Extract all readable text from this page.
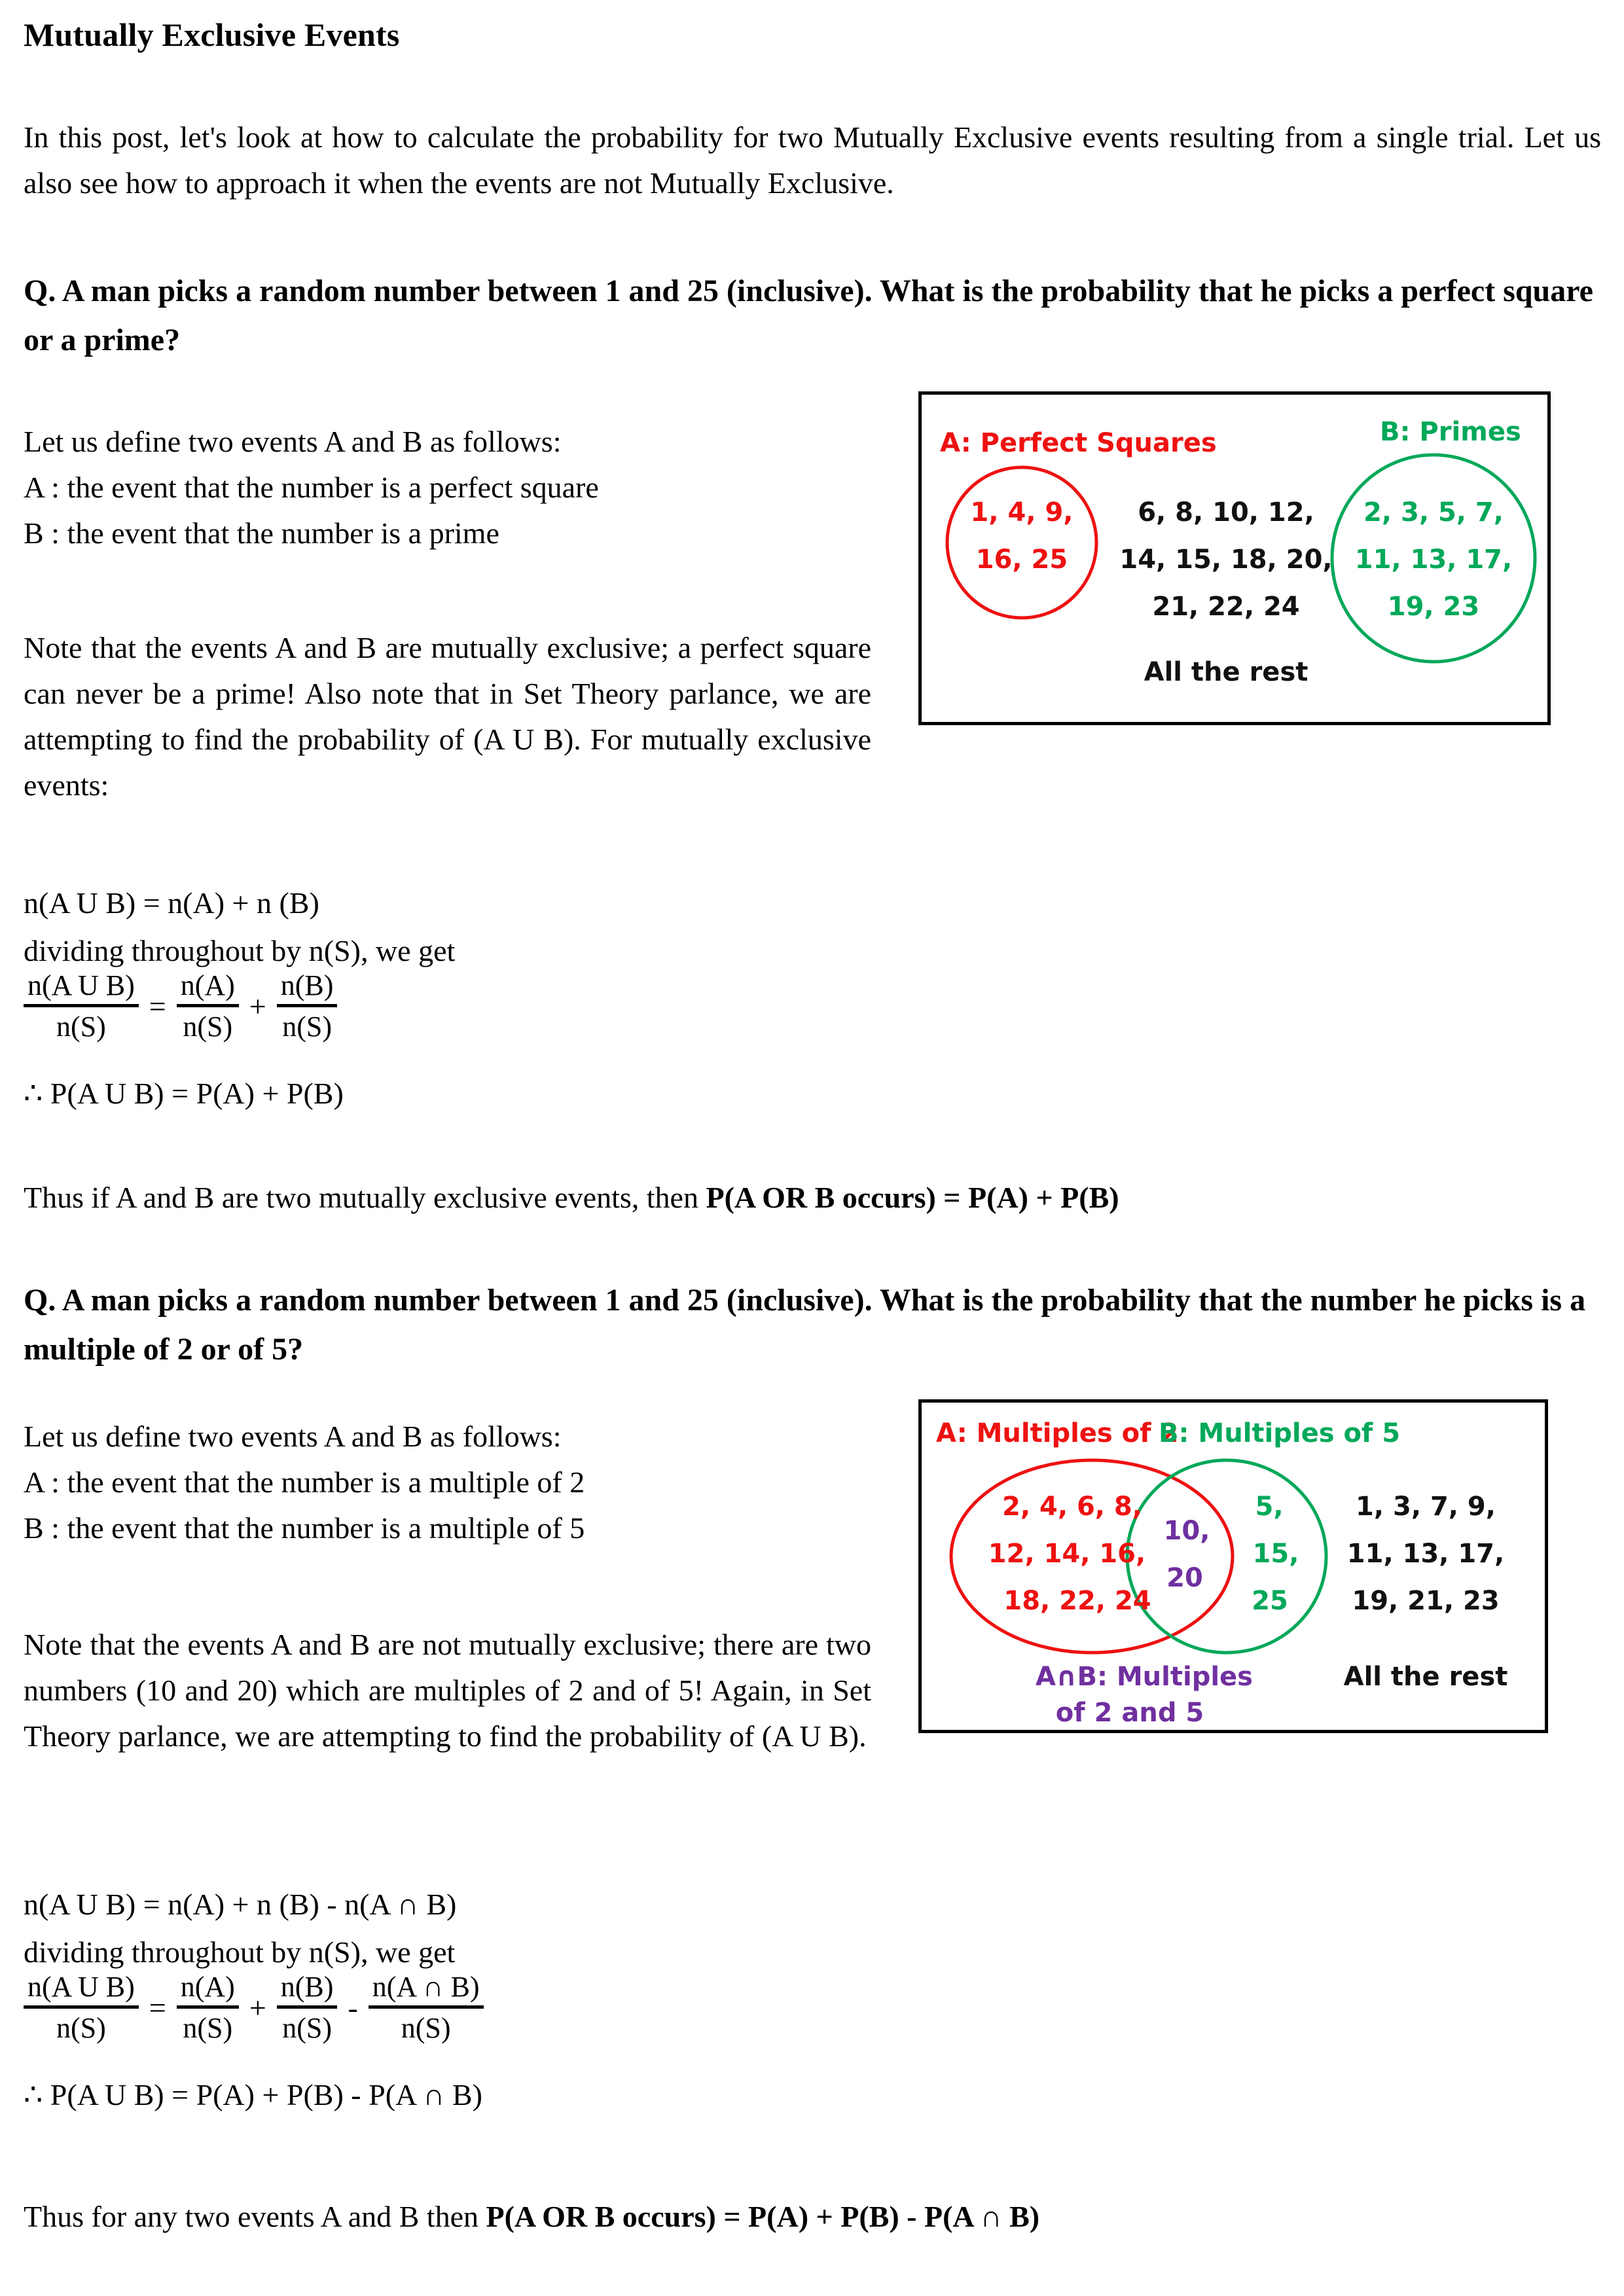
Mutually Exclusive Events

In this post, let's look at how to calculate the probability for two Mutually Exclusive events resulting from a single trial. Let us also see how to approach it when the events are not Mutually Exclusive.

Q. A man picks a random number between 1 and 25 (inclusive). What is the probability that he picks a perfect square or a prime?

Let us define two events A and B as follows:

A : the event that the number is a perfect square

B : the event that the number is a prime

Note that the events A and B are mutually exclusive; a perfect square can never be a prime! Also note that in Set Theory parlance, we are attempting to find the probability of (A U B). For mutually exclusive events:
A: Perfect Squares	B: Primes
1, 4, 9,
16, 25
2, 3, 5, 7,
11, 13, 17,
19, 23
6, 8, 10, 12,
14, 15, 18, 20,
21, 22, 24
All the rest
n(A U B) = n(A) + n (B)
dividing throughout by n(S), we get
$\frac{\text{n(A U B)}}{n(S)} = \frac{n(A)}{n(S)} + \frac{n(B)}{n(S)}$
∴ P(A U B) = P(A) + P(B)
Thus if A and B are two mutually exclusive events, then P(A OR B occurs) = P(A) + P(B)
Q. A man picks a random number between 1 and 25 (inclusive). What is the probability that the number he picks is a multiple of 2 or of 5?

Let us define two events A and B as follows:

A : the event that the number is a multiple of 2

B : the event that the number is a multiple of 5

Note that the events A and B are not mutually exclusive; there are two numbers (10 and 20) which are multiples of 2 and of 5! Again, in Set Theory parlance, we are attempting to find the probability of (A U B).
A: Multiples of 2
B: Multiples of 5
2, 4, 6, 8,
12, 14, 16,
18, 22, 24
10,
20
5,
15,
25
1, 3, 7, 9,
11, 13, 17,
19, 21, 23
A∩B: Multiples
of 2 and 5
All the rest
n(A U B) = n(A) + n (B) - n(A ∩ B)
dividing throughout by n(S), we get
$\frac{\text{n(A U B)}}{n(S)} = \frac{n(A)}{n(S)} + \frac{n(B)}{n(S)} - \frac{n(A \cap B)}{n(S)}$
∴ P(A U B) = P(A) + P(B) - P(A ∩ B)
Thus for any two events A and B then P(A OR B occurs) = P(A) + P(B) - P(A ∩ B)
